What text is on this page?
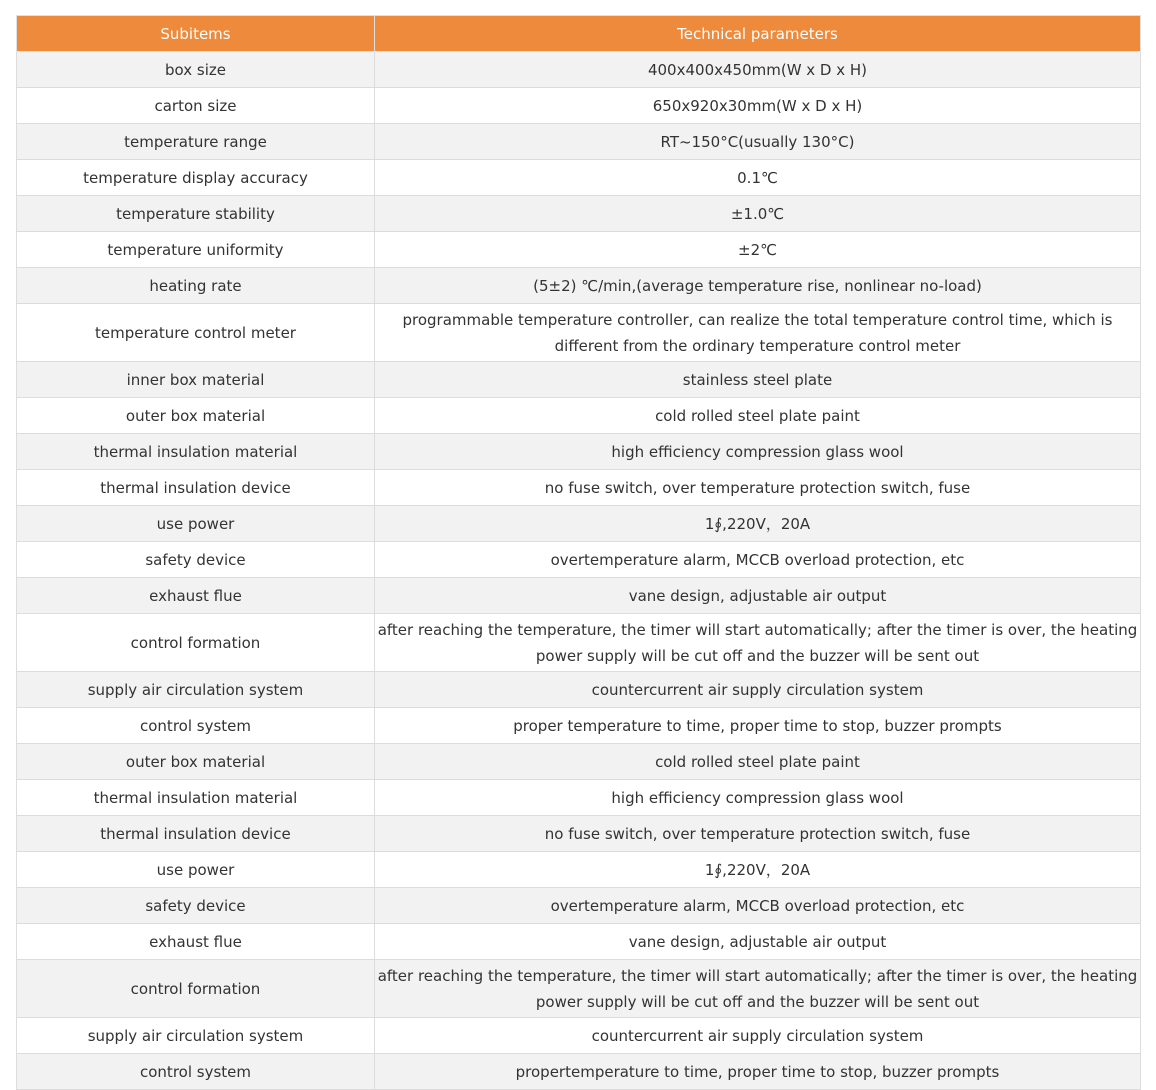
Subitems	Technical parameters
box size	400x400x450mm(W x D x H)
carton size	650x920x30mm(W x D x H)
temperature range	RT~150°C(usually 130°C)
temperature display accuracy	0.1℃
temperature stability	±1.0℃
temperature uniformity	±2℃
heating rate	(5±2) ℃/min,(average temperature rise, nonlinear no-load)
temperature control meter	programmable temperature controller, can realize the total temperature control time, which is different from the ordinary temperature control meter
inner box material	stainless steel plate
outer box material	cold rolled steel plate paint
thermal insulation material	high efficiency compression glass wool
thermal insulation device	no fuse switch, over temperature protection switch, fuse
use power	1∮,220V，20A
safety device	overtemperature alarm, MCCB overload protection, etc
exhaust flue	vane design, adjustable air output
control formation	after reaching the temperature, the timer will start automatically; after the timer is over, the heating power supply will be cut off and the buzzer will be sent out
supply air circulation system	countercurrent air supply circulation system
control system	proper temperature to time, proper time to stop, buzzer prompts
outer box material	cold rolled steel plate paint
thermal insulation material	high efficiency compression glass wool
thermal insulation device	no fuse switch, over temperature protection switch, fuse
use power	1∮,220V，20A
safety device	overtemperature alarm, MCCB overload protection, etc
exhaust flue	vane design, adjustable air output
control formation	after reaching the temperature, the timer will start automatically; after the timer is over, the heating power supply will be cut off and the buzzer will be sent out
supply air circulation system	countercurrent air supply circulation system
control system	propertemperature to time, proper time to stop, buzzer prompts
